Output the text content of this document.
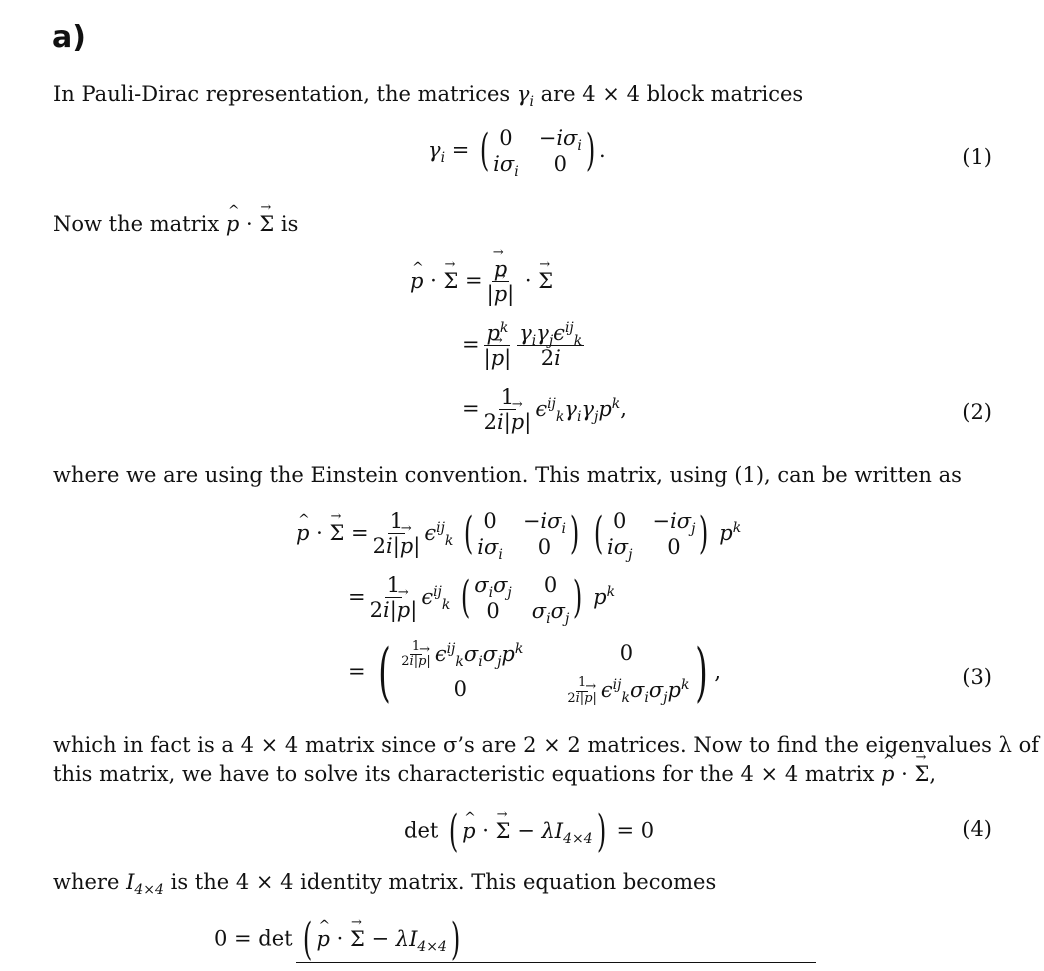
a)
In Pauli-Dirac representation, the matrices $\gamma_i$ are 4 × 4 block matrices
$\gamma_i$ = ( $0 -i\sigma_i$
$i\sigma_i$	0 ) .	(1)
Now the matrix ^ p · → Σ is
^ p · → Σ = → $\frac{p}{|\to p|}$ · → Σ
= $\frac{p^k}{|\to p|} \frac{\gamma_i\gamma_j\epsilon^{ij}_k}{2i}$
= $\frac{1}{2i|\to p|} \epsilon^{ij}_k\gamma_i\gamma_jp^k$,	(2)
where we are using the Einstein convention. This matrix, using (1), can be written as
^ p · → $\Sigma = \frac{1}{2i|\to p|} \epsilon^{ij}_k$ ( $0 -i\sigma_i$
$i\sigma_i$	0 ) ( $0 -i\sigma_j$
$i\sigma_j$	0 ) $p^k$
= $\frac{1}{2i|\to p|} \epsilon^{ij}_k$ ( $\sigma_i\sigma_j$	0
0	$\sigma_i\sigma_j$ ) $p^k$
= ( $\frac{1}{2i|\to p|} \epsilon^{ij}_k\sigma_i\sigma_jp^k$	0
0	$\frac{1}{2i|\to p|} \epsilon^{ij}_k\sigma_i\sigma_jp^k$ ) ,	(3)
which in fact is a 4 × 4 matrix since σ’s are 2 × 2 matrices. Now to find the eigenvalues λ of
this matrix, we have to solve its characteristic equations for the 4 × 4 matrix ^ p · → Σ,
det ( ^ p · → $\Sigma - \lambda I_{4\times 4}) = 0$	(4)
where $I_{4\times 4}$ is the 4 × 4 identity matrix. This equation becomes
0 = det ( ^ p · → $\Sigma - \lambda I_{4\times 4}$)
